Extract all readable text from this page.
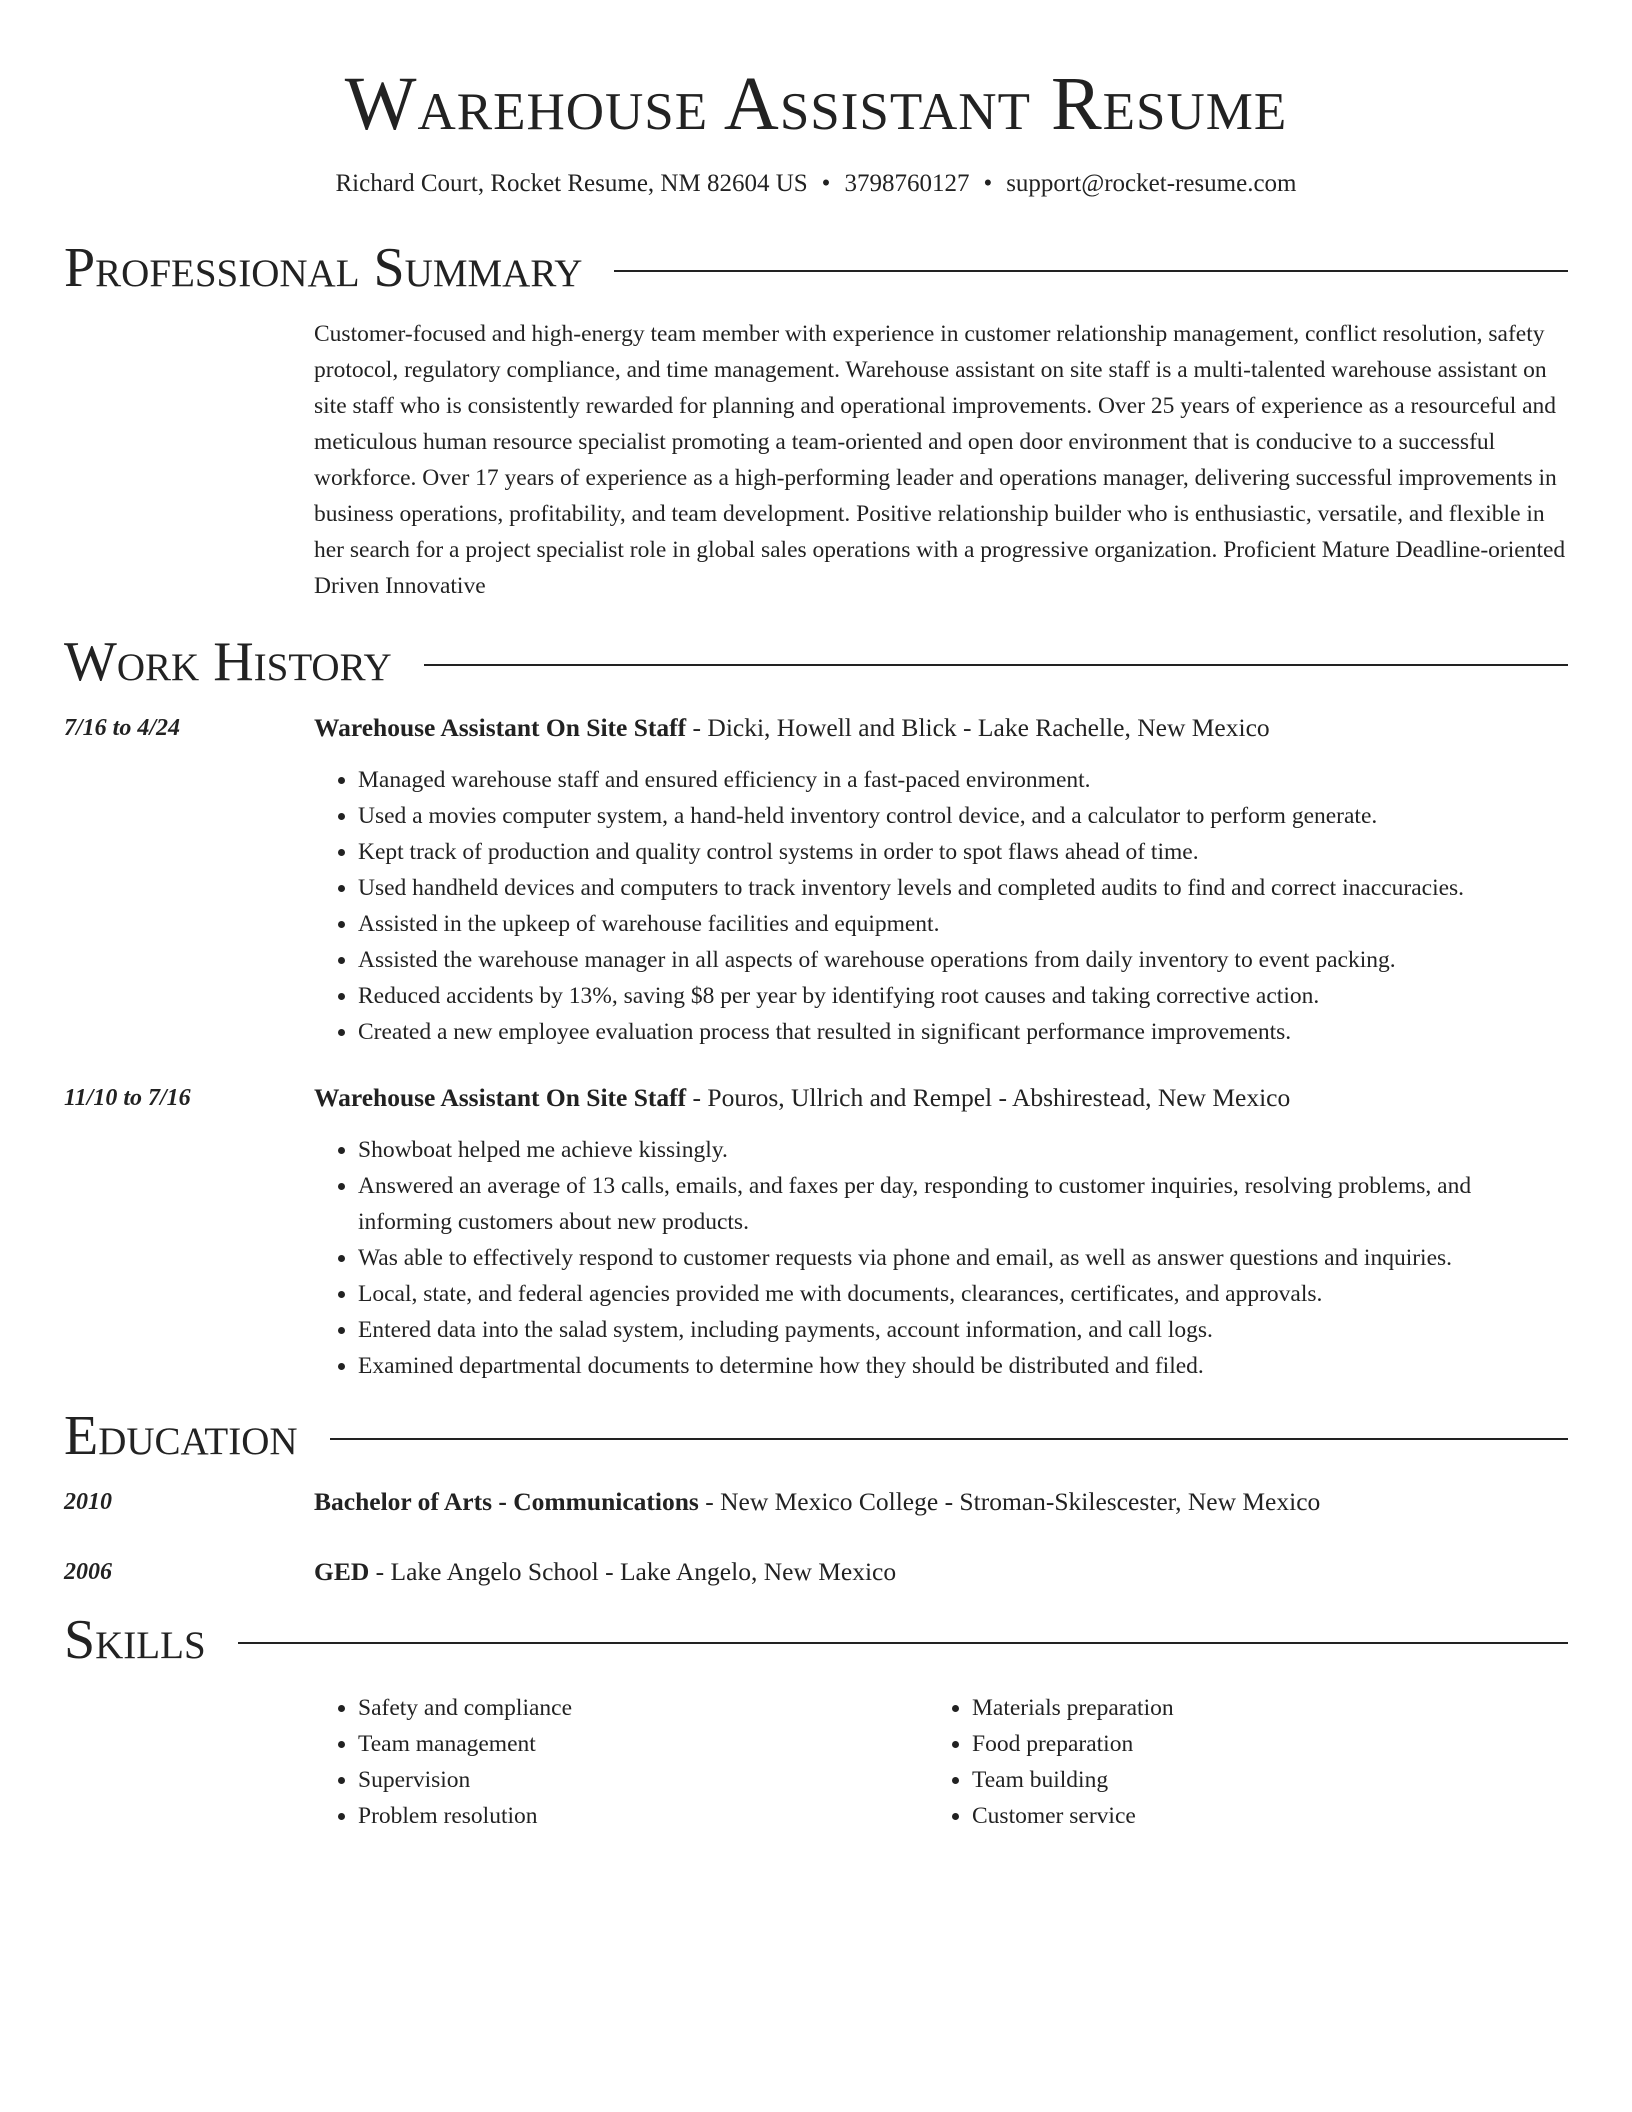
Warehouse Assistant Resume
Richard Court, Rocket Resume, NM 82604 US • 3798760127 • support@rocket-resume.com
Professional Summary
Customer-focused and high-energy team member with experience in customer relationship management, conflict resolution, safety protocol, regulatory compliance, and time management. Warehouse assistant on site staff is a multi-talented warehouse assistant on site staff who is consistently rewarded for planning and operational improvements. Over 25 years of experience as a resourceful and meticulous human resource specialist promoting a team-oriented and open door environment that is conducive to a successful workforce. Over 17 years of experience as a high-performing leader and operations manager, delivering successful improvements in business operations, profitability, and team development. Positive relationship builder who is enthusiastic, versatile, and flexible in her search for a project specialist role in global sales operations with a progressive organization. Proficient Mature Deadline-oriented Driven Innovative
Work History
7/16 to 4/24	Warehouse Assistant On Site Staff - Dicki, Howell and Blick - Lake Rachelle, New Mexico
• Managed warehouse staff and ensured efficiency in a fast-paced environment.
• Used a movies computer system, a hand-held inventory control device, and a calculator to perform generate.
• Kept track of production and quality control systems in order to spot flaws ahead of time.
• Used handheld devices and computers to track inventory levels and completed audits to find and correct inaccuracies.
• Assisted in the upkeep of warehouse facilities and equipment.
• Assisted the warehouse manager in all aspects of warehouse operations from daily inventory to event packing.
• Reduced accidents by 13%, saving $8 per year by identifying root causes and taking corrective action.
• Created a new employee evaluation process that resulted in significant performance improvements.
11/10 to 7/16	Warehouse Assistant On Site Staff - Pouros, Ullrich and Rempel - Abshirestead, New Mexico
• Showboat helped me achieve kissingly.
• Answered an average of 13 calls, emails, and faxes per day, responding to customer inquiries, resolving problems, and informing customers about new products.
• Was able to effectively respond to customer requests via phone and email, as well as answer questions and inquiries.
• Local, state, and federal agencies provided me with documents, clearances, certificates, and approvals.
• Entered data into the salad system, including payments, account information, and call logs.
• Examined departmental documents to determine how they should be distributed and filed.
Education
2010	Bachelor of Arts - Communications - New Mexico College - Stroman-Skilescester, New Mexico
2006	GED - Lake Angelo School - Lake Angelo, New Mexico
Skills
• Safety and compliance
• Team management
• Supervision
• Problem resolution
• Materials preparation
• Food preparation
• Team building
• Customer service
